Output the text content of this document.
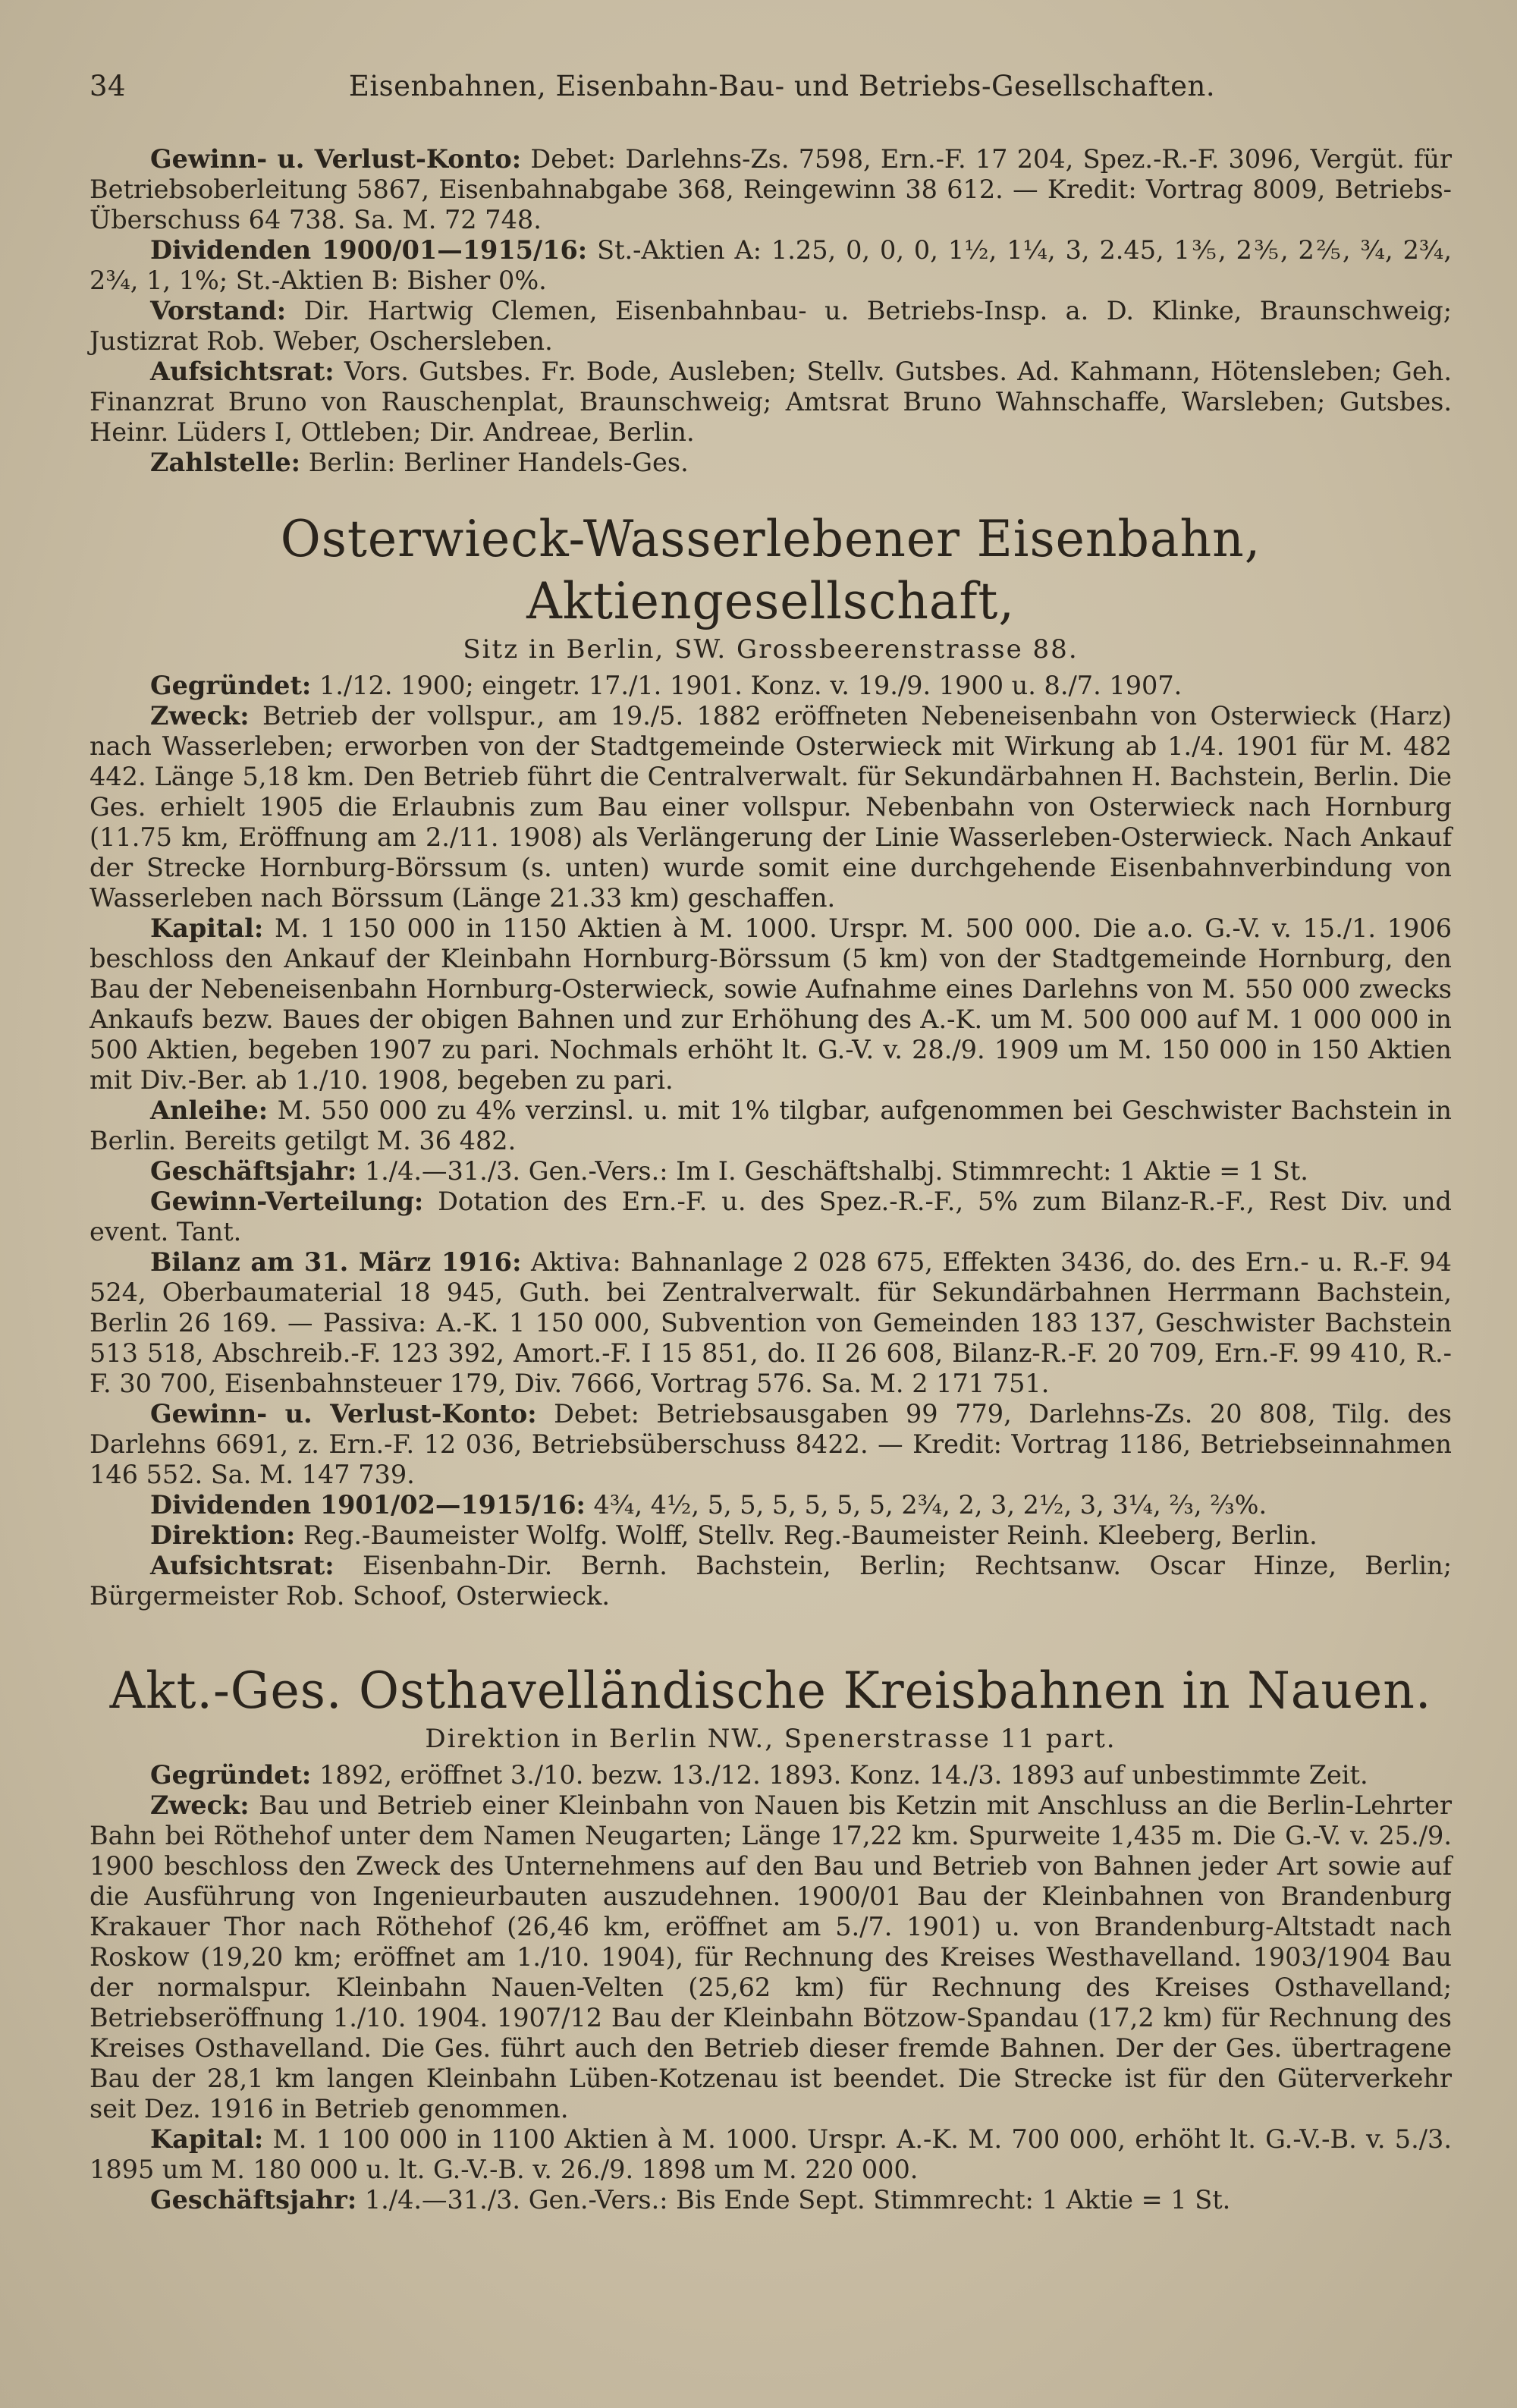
34	Eisenbahnen, Eisenbahn-Bau- und Betriebs-Gesellschaften.

Gewinn- u. Verlust-Konto: Debet: Darlehns-Zs. 7598, Ern.-F. 17 204, Spez.-R.-F. 3096, Vergüt. für Betriebsoberleitung 5867, Eisenbahnabgabe 368, Reingewinn 38 612. — Kredit: Vortrag 8009, Betriebs-Überschuss 64 738. Sa. M. 72 748.

Dividenden 1900/01—1915/16: St.-Aktien A: 1.25, 0, 0, 0, 1½, 1¼, 3, 2.45, 1⅗, 2⅗, 2⅖, ¾, 2¾, 2¾, 1, 1%; St.-Aktien B: Bisher 0%.

Vorstand: Dir. Hartwig Clemen, Eisenbahnbau- u. Betriebs-Insp. a. D. Klinke, Braunschweig; Justizrat Rob. Weber, Oschersleben.

Aufsichtsrat: Vors. Gutsbes. Fr. Bode, Ausleben; Stellv. Gutsbes. Ad. Kahmann, Hötensleben; Geh. Finanzrat Bruno von Rauschenplat, Braunschweig; Amtsrat Bruno Wahnschaffe, Warsleben; Gutsbes. Heinr. Lüders I, Ottleben; Dir. Andreae, Berlin.

Zahlstelle: Berlin: Berliner Handels-Ges.

Osterwieck-Wasserlebener Eisenbahn, Aktiengesellschaft,
Sitz in Berlin, SW. Grossbeerenstrasse 88.

Gegründet: 1./12. 1900; eingetr. 17./1. 1901. Konz. v. 19./9. 1900 u. 8./7. 1907.

Zweck: Betrieb der vollspur., am 19./5. 1882 eröffneten Nebeneisenbahn von Osterwieck (Harz) nach Wasserleben; erworben von der Stadtgemeinde Osterwieck mit Wirkung ab 1./4. 1901 für M. 482 442. Länge 5,18 km. Den Betrieb führt die Centralverwalt. für Sekundärbahnen H. Bachstein, Berlin. Die Ges. erhielt 1905 die Erlaubnis zum Bau einer vollspur. Nebenbahn von Osterwieck nach Hornburg (11.75 km, Eröffnung am 2./11. 1908) als Verlängerung der Linie Wasserleben-Osterwieck. Nach Ankauf der Strecke Hornburg-Börssum (s. unten) wurde somit eine durchgehende Eisenbahnverbindung von Wasserleben nach Börssum (Länge 21.33 km) geschaffen.

Kapital: M. 1 150 000 in 1150 Aktien à M. 1000. Urspr. M. 500 000. Die a.o. G.-V. v. 15./1. 1906 beschloss den Ankauf der Kleinbahn Hornburg-Börssum (5 km) von der Stadtgemeinde Hornburg, den Bau der Nebeneisenbahn Hornburg-Osterwieck, sowie Aufnahme eines Darlehns von M. 550 000 zwecks Ankaufs bezw. Baues der obigen Bahnen und zur Erhöhung des A.-K. um M. 500 000 auf M. 1 000 000 in 500 Aktien, begeben 1907 zu pari. Nochmals erhöht lt. G.-V. v. 28./9. 1909 um M. 150 000 in 150 Aktien mit Div.-Ber. ab 1./10. 1908, begeben zu pari.

Anleihe: M. 550 000 zu 4% verzinsl. u. mit 1% tilgbar, aufgenommen bei Geschwister Bachstein in Berlin. Bereits getilgt M. 36 482.

Geschäftsjahr: 1./4.—31./3. Gen.-Vers.: Im I. Geschäftshalbj. Stimmrecht: 1 Aktie = 1 St.

Gewinn-Verteilung: Dotation des Ern.-F. u. des Spez.-R.-F., 5% zum Bilanz-R.-F., Rest Div. und event. Tant.

Bilanz am 31. März 1916: Aktiva: Bahnanlage 2 028 675, Effekten 3436, do. des Ern.- u. R.-F. 94 524, Oberbaumaterial 18 945, Guth. bei Zentralverwalt. für Sekundärbahnen Herrmann Bachstein, Berlin 26 169. — Passiva: A.-K. 1 150 000, Subvention von Gemeinden 183 137, Geschwister Bachstein 513 518, Abschreib.-F. 123 392, Amort.-F. I 15 851, do. II 26 608, Bilanz-R.-F. 20 709, Ern.-F. 99 410, R.-F. 30 700, Eisenbahnsteuer 179, Div. 7666, Vortrag 576. Sa. M. 2 171 751.

Gewinn- u. Verlust-Konto: Debet: Betriebsausgaben 99 779, Darlehns-Zs. 20 808, Tilg. des Darlehns 6691, z. Ern.-F. 12 036, Betriebsüberschuss 8422. — Kredit: Vortrag 1186, Betriebseinnahmen 146 552. Sa. M. 147 739.

Dividenden 1901/02—1915/16: 4¾, 4½, 5, 5, 5, 5, 5, 5, 2¾, 2, 3, 2½, 3, 3¼, ⅔, ⅔%.

Direktion: Reg.-Baumeister Wolfg. Wolff, Stellv. Reg.-Baumeister Reinh. Kleeberg, Berlin.

Aufsichtsrat: Eisenbahn-Dir. Bernh. Bachstein, Berlin; Rechtsanw. Oscar Hinze, Berlin; Bürgermeister Rob. Schoof, Osterwieck.

Akt.-Ges. Osthavelländische Kreisbahnen in Nauen.
Direktion in Berlin NW., Spenerstrasse 11 part.

Gegründet: 1892, eröffnet 3./10. bezw. 13./12. 1893. Konz. 14./3. 1893 auf unbestimmte Zeit.

Zweck: Bau und Betrieb einer Kleinbahn von Nauen bis Ketzin mit Anschluss an die Berlin-Lehrter Bahn bei Röthehof unter dem Namen Neugarten; Länge 17,22 km. Spurweite 1,435 m. Die G.-V. v. 25./9. 1900 beschloss den Zweck des Unternehmens auf den Bau und Betrieb von Bahnen jeder Art sowie auf die Ausführung von Ingenieurbauten auszudehnen. 1900/01 Bau der Kleinbahnen von Brandenburg Krakauer Thor nach Röthehof (26,46 km, eröffnet am 5./7. 1901) u. von Brandenburg-Altstadt nach Roskow (19,20 km; eröffnet am 1./10. 1904), für Rechnung des Kreises Westhavelland. 1903/1904 Bau der normalspur. Kleinbahn Nauen-Velten (25,62 km) für Rechnung des Kreises Osthavelland; Betriebseröffnung 1./10. 1904. 1907/12 Bau der Kleinbahn Bötzow-Spandau (17,2 km) für Rechnung des Kreises Osthavelland. Die Ges. führt auch den Betrieb dieser fremde Bahnen. Der der Ges. übertragene Bau der 28,1 km langen Kleinbahn Lüben-Kotzenau ist beendet. Die Strecke ist für den Güterverkehr seit Dez. 1916 in Betrieb genommen.

Kapital: M. 1 100 000 in 1100 Aktien à M. 1000. Urspr. A.-K. M. 700 000, erhöht lt. G.-V.-B. v. 5./3. 1895 um M. 180 000 u. lt. G.-V.-B. v. 26./9. 1898 um M. 220 000.

Geschäftsjahr: 1./4.—31./3. Gen.-Vers.: Bis Ende Sept. Stimmrecht: 1 Aktie = 1 St.
